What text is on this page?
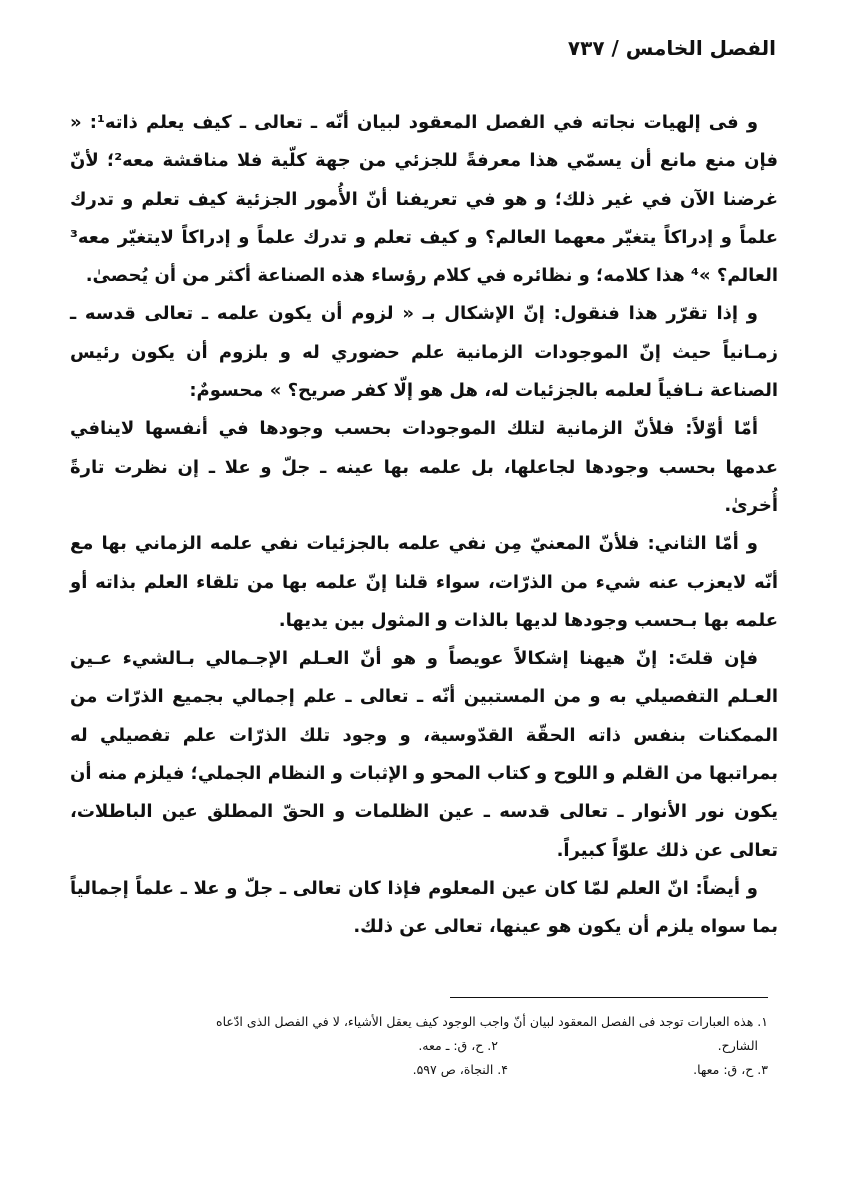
الفصل الخامس / ۷۳۷

و فى إلهيات نجاته في الفصل المعقود لبيان أنّه ـ تعالى ـ كيف يعلم ذاته¹: « فإن منع مانع أن يسمّي هذا معرفةً للجزئي من جهة كلّية فلا مناقشة معه²؛ لأنّ غرضنا الآن في غير ذلك؛ و هو في تعريفنا أنّ الأُمور الجزئية كيف تعلم و تدرك علماً و إدراكاً يتغيّر معهما العالم؟ و كيف تعلم و تدرك علماً و إدراكاً لايتغيّر معه³ العالم؟ »⁴ هذا كلامه؛ و نظائره في كلام رؤساء هذه الصناعة أكثر من أن يُحصىٰ.

و إذا تقرّر هذا فنقول: إنّ الإشكال بـ « لزوم أن يكون علمه ـ تعالى قدسه ـ زمـانياً حيث إنّ الموجودات الزمانية علم حضوري له و بلزوم أن يكون رئيس الصناعة نـافياً لعلمه بالجزئيات له، هل هو إلّا كفر صريح؟ » محسومٌ:

أمّا أوّلاً: فلأنّ الزمانية لتلك الموجودات بحسب وجودها في أنفسها لاينافي عدمها بحسب وجودها لجاعلها، بل علمه بها عينه ـ جلّ و علا ـ إن نظرت تارةً أُخرىٰ.

و أمّا الثاني: فلأنّ المعنيّ مِن نفي علمه بالجزئيات نفي علمه الزماني بها مع أنّه لايعزب عنه شيء من الذرّات، سواء قلنا إنّ علمه بها من تلقاء العلم بذاته أو علمه بها بـحسب وجودها لديها بالذات و المثول بين يديها.

فإن قلتَ: إنّ هيهنا إشكالاً عويصاً و هو أنّ العـلم الإجـمالي بـالشيء عـين العـلم التفصيلي به و من المستبين أنّه ـ تعالى ـ علم إجمالي بجميع الذرّات من الممكنات بنفس ذاته الحقّة القدّوسية، و وجود تلك الذرّات علم تفصيلي له بمراتبها من القلم و اللوح و كتاب المحو و الإثبات و النظام الجملي؛ فيلزم منه أن يكون نور الأنوار ـ تعالى قدسه ـ عين الظلمات و الحقّ المطلق عين الباطلات، تعالى عن ذلك علوّاً كبيراً.

و أيضاً: انّ العلم لمّا كان عين المعلوم فإذا كان تعالى ـ جلّ و علا ـ علماً إجمالياً بما سواه يلزم أن يكون هو عينها، تعالى عن ذلك.

۱. هذه العبارات توجد فى الفصل المعقود لبيان أنّ واجب الوجود كيف يعقل الأشياء، لا في الفصل الذى ادّعاه

الشارح.
۲. ح، ق: ـ معه.
۳. ح، ق: معها.
۴. النجاة، ص ۵۹۷.
